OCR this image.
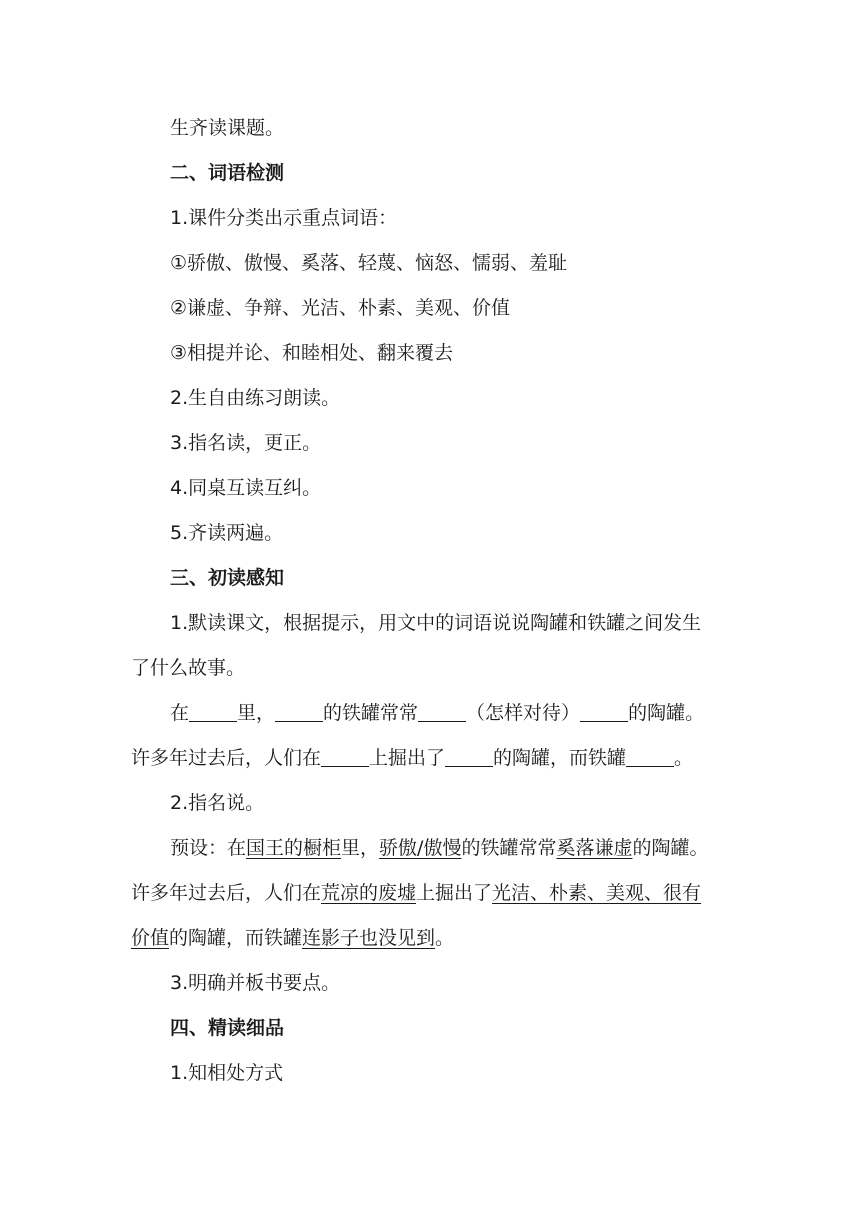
生齐读课题。
二、词语检测
1.课件分类出示重点词语：
①骄傲、傲慢、奚落、轻蔑、恼怒、懦弱、羞耻
②谦虚、争辩、光洁、朴素、美观、价值
③相提并论、和睦相处、翻来覆去
2.生自由练习朗读。
3.指名读，更正。
4.同桌互读互纠。
5.齐读两遍。
三、初读感知
1.默读课文，根据提示，用文中的词语说说陶罐和铁罐之间发生
了什么故事。
在	里，	的铁罐常常	（怎样对待）	的陶罐。
许多年过去后，人们在	上掘出了	的陶罐，而铁罐	。
2.指名说。
预设：在国王的橱柜里，骄傲/傲慢的铁罐常常奚落谦虚的陶罐。
许多年过去后，人们在荒凉的废墟上掘出了光洁、朴素、美观、很有
价值的陶罐，而铁罐连影子也没见到。
3.明确并板书要点。
四、精读细品
1.知相处方式
